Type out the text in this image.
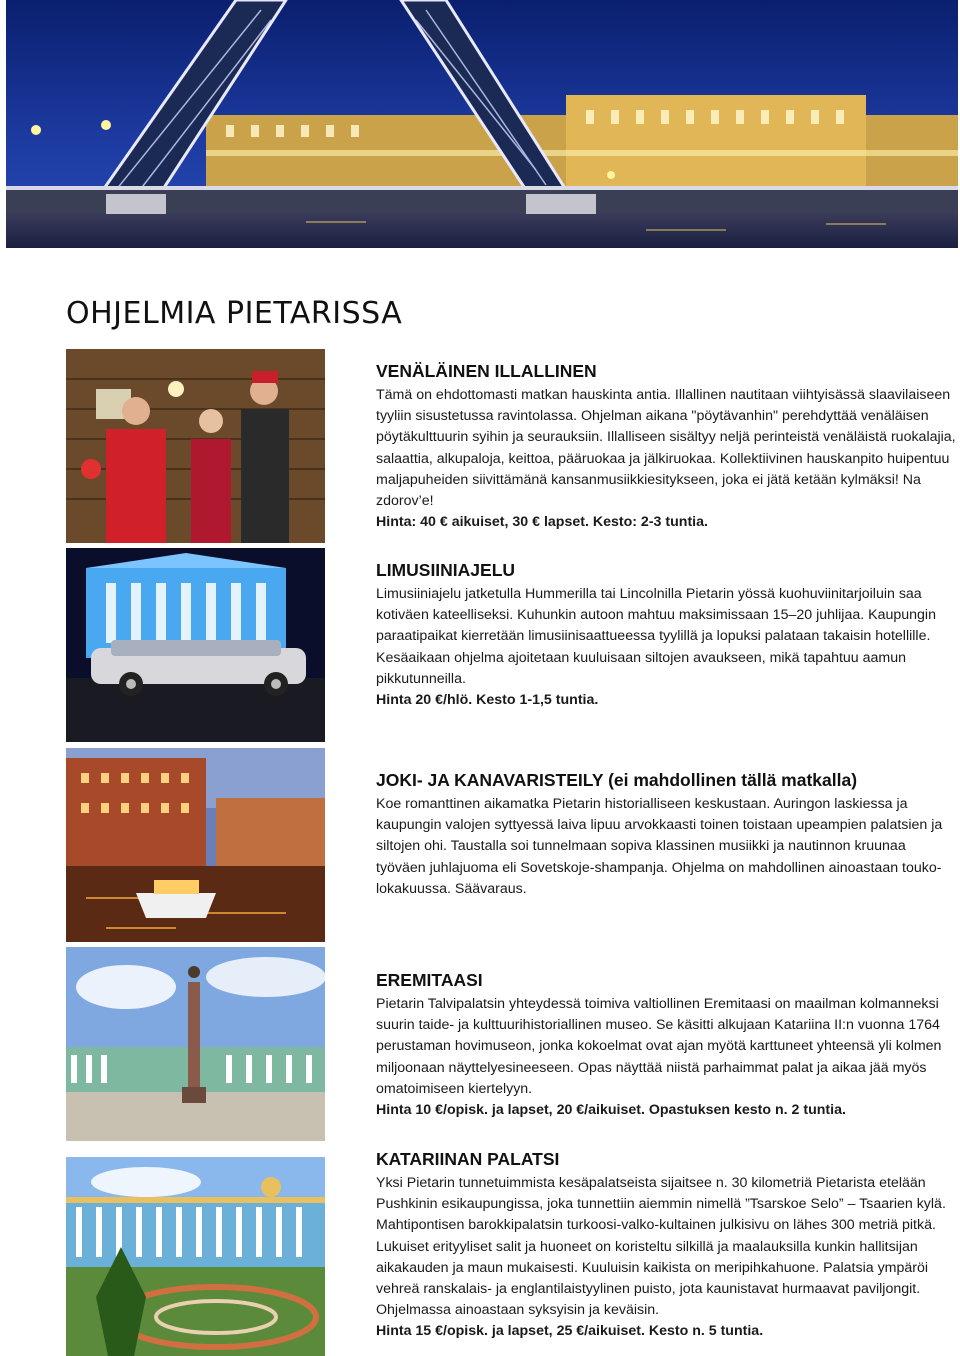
OHJELMIA PIETARISSA
VENÄLÄINEN ILLALLINEN

Tämä on ehdottomasti matkan hauskinta antia. Illallinen nautitaan viihtyisässä slaavilaiseen tyyliin sisustetussa ravintolassa. Ohjelman aikana "pöytävanhin" perehdyttää venäläisen pöytäkulttuurin syihin ja seurauksiin. Illalliseen sisältyy neljä perinteistä venäläistä ruokalajia, salaattia, alkupaloja, keittoa, pääruokaa ja jälkiruokaa. Kollektiivinen hauskanpito huipentuu maljapuheiden siivittämänä kansanmusiikkiesitykseen, joka ei jätä ketään kylmäksi! Na zdorov’e!

Hinta: 40 € aikuiset, 30 € lapset. Kesto: 2-3 tuntia.
LIMUSIINIAJELU

Limusiiniajelu jatketulla Hummerilla tai Lincolnilla Pietarin yössä kuohuviinitarjoiluin saa kotiväen kateelliseksi. Kuhunkin autoon mahtuu maksimissaan 15–20 juhlijaa. Kaupungin paraatipaikat kierretään limusiinisaattueessa tyylillä ja lopuksi palataan takaisin hotellille. Kesäaikaan ohjelma ajoitetaan kuuluisaan siltojen avaukseen, mikä tapahtuu aamun pikkutunneilla.

Hinta 20 €/hlö. Kesto 1-1,5 tuntia.
JOKI- JA KANAVARISTEILY (ei mahdollinen tällä matkalla)

Koe romanttinen aikamatka Pietarin historialliseen keskustaan. Auringon laskiessa ja kaupungin valojen syttyessä laiva lipuu arvokkaasti toinen toistaan upeampien palatsien ja siltojen ohi. Taustalla soi tunnelmaan sopiva klassinen musiikki ja nautinnon kruunaa työväen juhlajuoma eli Sovetskoje-shampanja. Ohjelma on mahdollinen ainoastaan touko-lokakuussa. Säävaraus.

EREMITAASI

Pietarin Talvipalatsin yhteydessä toimiva valtiollinen Eremitaasi on maailman kolmanneksi suurin taide- ja kulttuurihistoriallinen museo. Se käsitti alkujaan Katariina II:n vuonna 1764 perustaman hovimuseon, jonka kokoelmat ovat ajan myötä karttuneet yhteensä yli kolmen miljoonaan näyttelyesineeseen. Opas näyttää niistä parhaimmat palat ja aikaa jää myös omatoimiseen kiertelyyn.

Hinta 10 €/opisk. ja lapset, 20 €/aikuiset. Opastuksen kesto n. 2 tuntia.
KATARIINAN PALATSI

Yksi Pietarin tunnetuimmista kesäpalatseista sijaitsee n. 30 kilometriä Pietarista etelään Pushkinin esikaupungissa, joka tunnettiin aiemmin nimellä ”Tsarskoe Selo” – Tsaarien kylä. Mahtipontisen barokkipalatsin turkoosi-valko-kultainen julkisivu on lähes 300 metriä pitkä. Lukuiset erityyliset salit ja huoneet on koristeltu silkillä ja maalauksilla kunkin hallitsijan aikakauden ja maun mukaisesti. Kuuluisin kaikista on meripihkahuone. Palatsia ympäröi vehreä ranskalais- ja englantilaistyylinen puisto, jota kaunistavat hurmaavat paviljongit. Ohjelmassa ainoastaan syksyisin ja keväisin.

Hinta 15 €/opisk. ja lapset, 25 €/aikuiset. Kesto n. 5 tuntia.
